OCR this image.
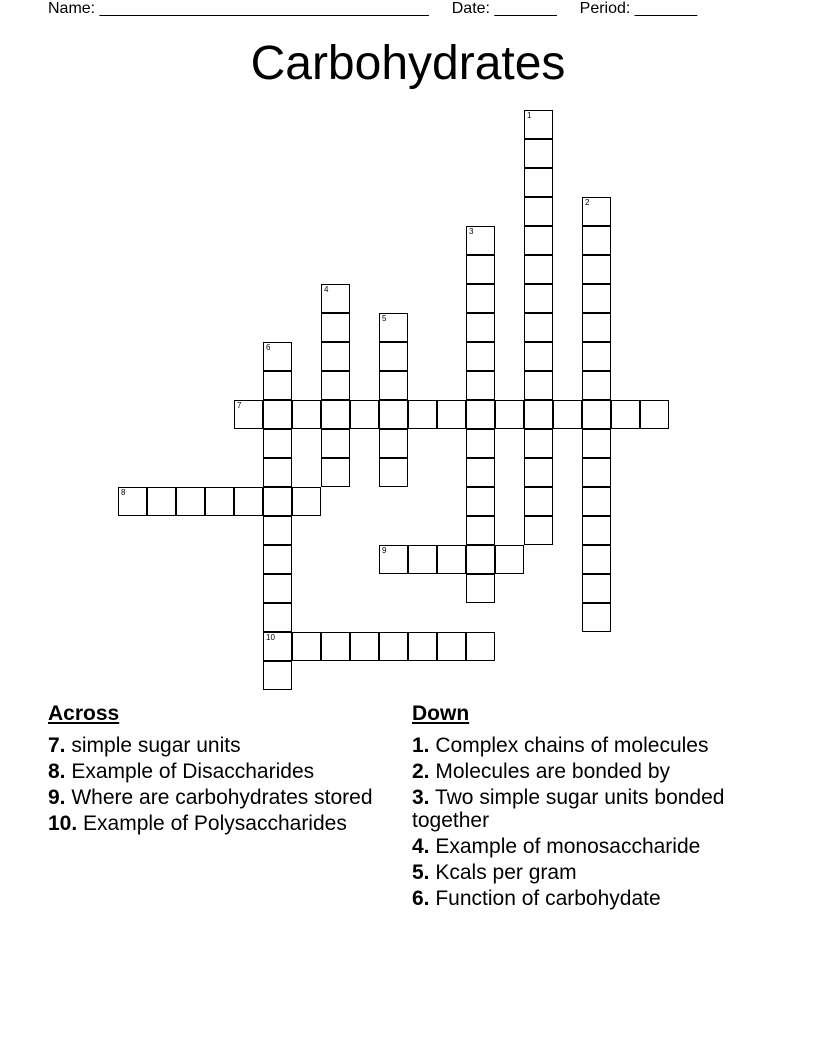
Name: _____________________________________ Date: _______ Period: _______
Carbohydrates
1
2
3
4
5
6
10
7
8
9
Across
7. simple sugar units
8. Example of Disaccharides
9. Where are carbohydrates stored
10. Example of Polysaccharides
Down
1. Complex chains of molecules
2. Molecules are bonded by
3. Two simple sugar units bonded together
4. Example of monosaccharide
5. Kcals per gram
6. Function of carbohydate
